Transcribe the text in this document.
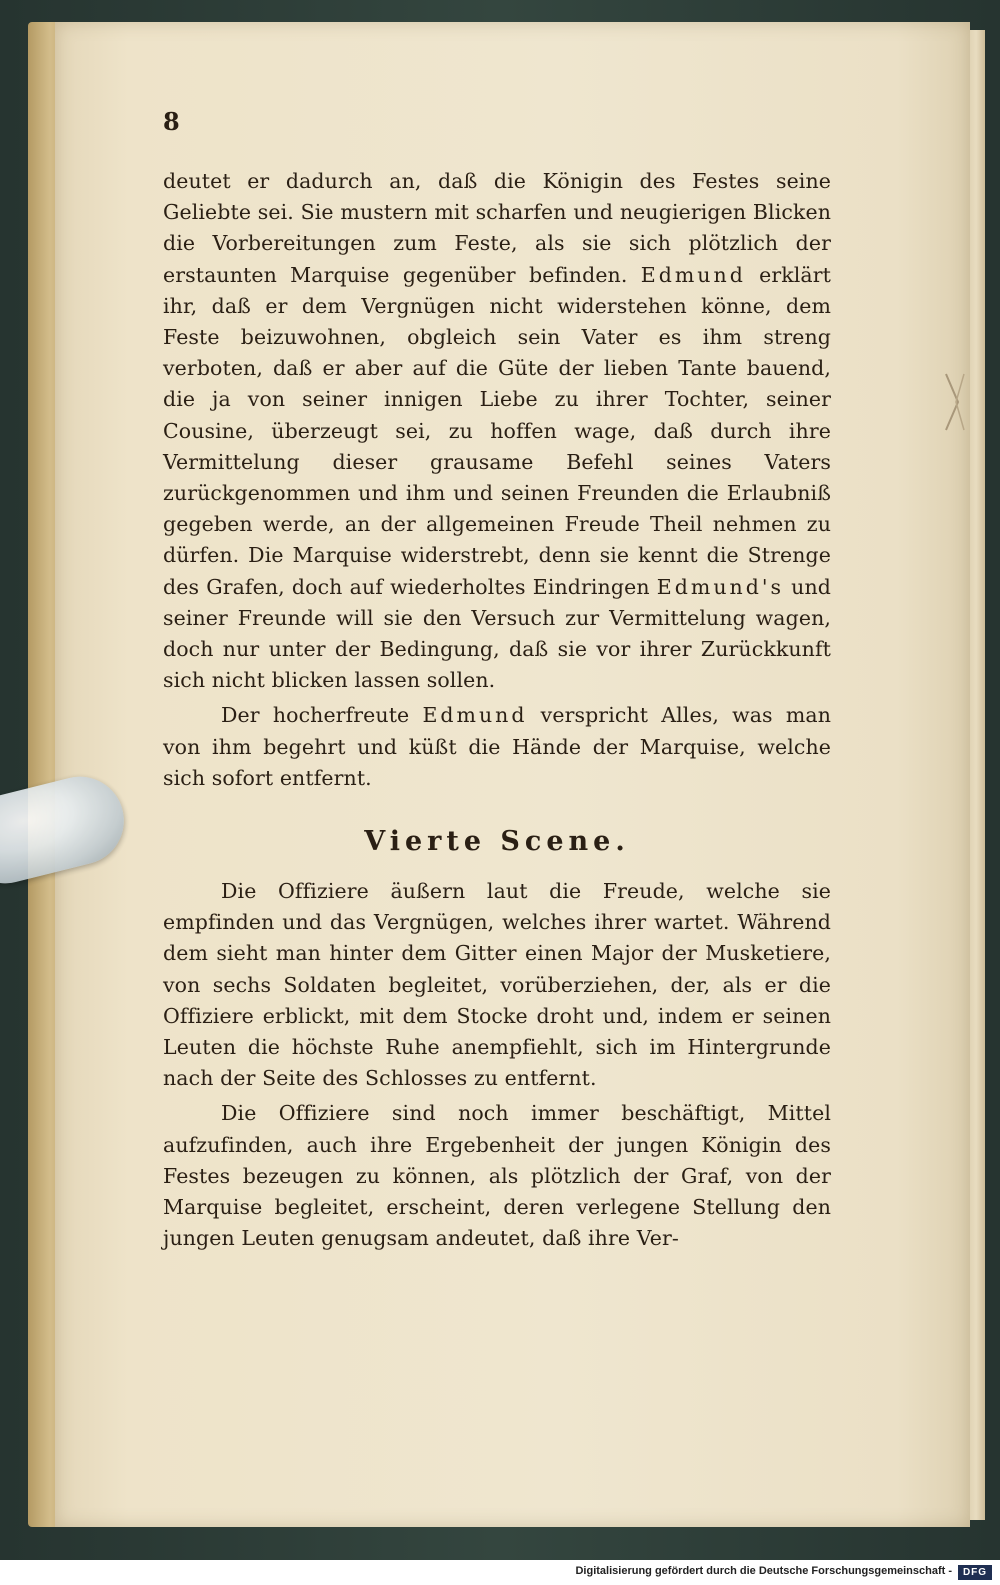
8

deutet er dadurch an, daß die Königin des Festes seine Geliebte sei. Sie mustern mit scharfen und neugierigen Blicken die Vorbereitungen zum Feste, als sie sich plötzlich der erstaunten Marquise gegenüber befinden. Edmund erklärt ihr, daß er dem Vergnügen nicht widerstehen könne, dem Feste beizuwohnen, obgleich sein Vater es ihm streng verboten, daß er aber auf die Güte der lieben Tante bauend, die ja von seiner innigen Liebe zu ihrer Tochter, seiner Cousine, überzeugt sei, zu hoffen wage, daß durch ihre Vermittelung dieser grausame Befehl seines Vaters zurückgenommen und ihm und seinen Freunden die Erlaubniß gegeben werde, an der allgemeinen Freude Theil nehmen zu dürfen. Die Marquise widerstrebt, denn sie kennt die Strenge des Grafen, doch auf wiederholtes Eindringen Edmund's und seiner Freunde will sie den Versuch zur Vermittelung wagen, doch nur unter der Bedingung, daß sie vor ihrer Zurückkunft sich nicht blicken lassen sollen.

Der hocherfreute Edmund verspricht Alles, was man von ihm begehrt und küßt die Hände der Marquise, welche sich sofort entfernt.

Vierte Scene.

Die Offiziere äußern laut die Freude, welche sie empfinden und das Vergnügen, welches ihrer wartet. Während dem sieht man hinter dem Gitter einen Major der Musketiere, von sechs Soldaten begleitet, vorüberziehen, der, als er die Offiziere erblickt, mit dem Stocke droht und, indem er seinen Leuten die höchste Ruhe anempfiehlt, sich im Hintergrunde nach der Seite des Schlosses zu entfernt.

Die Offiziere sind noch immer beschäftigt, Mittel aufzufinden, auch ihre Ergebenheit der jungen Königin des Festes bezeugen zu können, als plötzlich der Graf, von der Marquise begleitet, erscheint, deren verlegene Stellung den jungen Leuten genugsam andeutet, daß ihre Ver-

Digitalisierung gefördert durch die Deutsche Forschungsgemeinschaft -	DFG
